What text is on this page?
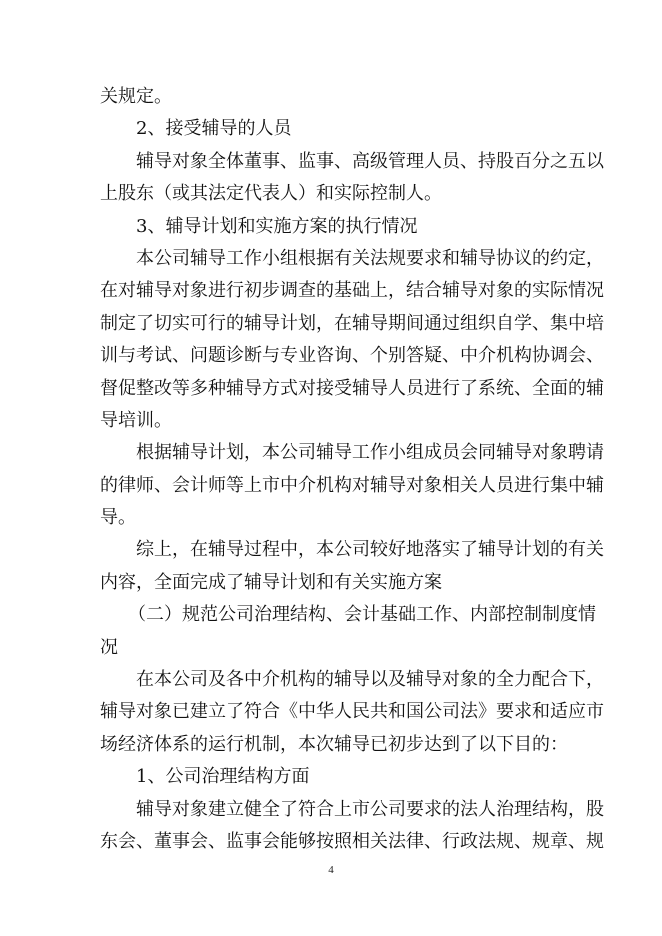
关规定。
2、接受辅导的人员
辅导对象全体董事、监事、高级管理人员、持股百分之五以
上股东（或其法定代表人）和实际控制人。
3、辅导计划和实施方案的执行情况
本公司辅导工作小组根据有关法规要求和辅导协议的约定，
在对辅导对象进行初步调查的基础上，结合辅导对象的实际情况
制定了切实可行的辅导计划，在辅导期间通过组织自学、集中培
训与考试、问题诊断与专业咨询、个别答疑、中介机构协调会、
督促整改等多种辅导方式对接受辅导人员进行了系统、全面的辅
导培训。
根据辅导计划，本公司辅导工作小组成员会同辅导对象聘请
的律师、会计师等上市中介机构对辅导对象相关人员进行集中辅
导。
综上，在辅导过程中，本公司较好地落实了辅导计划的有关
内容，全面完成了辅导计划和有关实施方案
（二）规范公司治理结构、会计基础工作、内部控制制度情
况
在本公司及各中介机构的辅导以及辅导对象的全力配合下，
辅导对象已建立了符合《中华人民共和国公司法》要求和适应市
场经济体系的运行机制，本次辅导已初步达到了以下目的：
1、公司治理结构方面
辅导对象建立健全了符合上市公司要求的法人治理结构，股
东会、董事会、监事会能够按照相关法律、行政法规、规章、规
4
